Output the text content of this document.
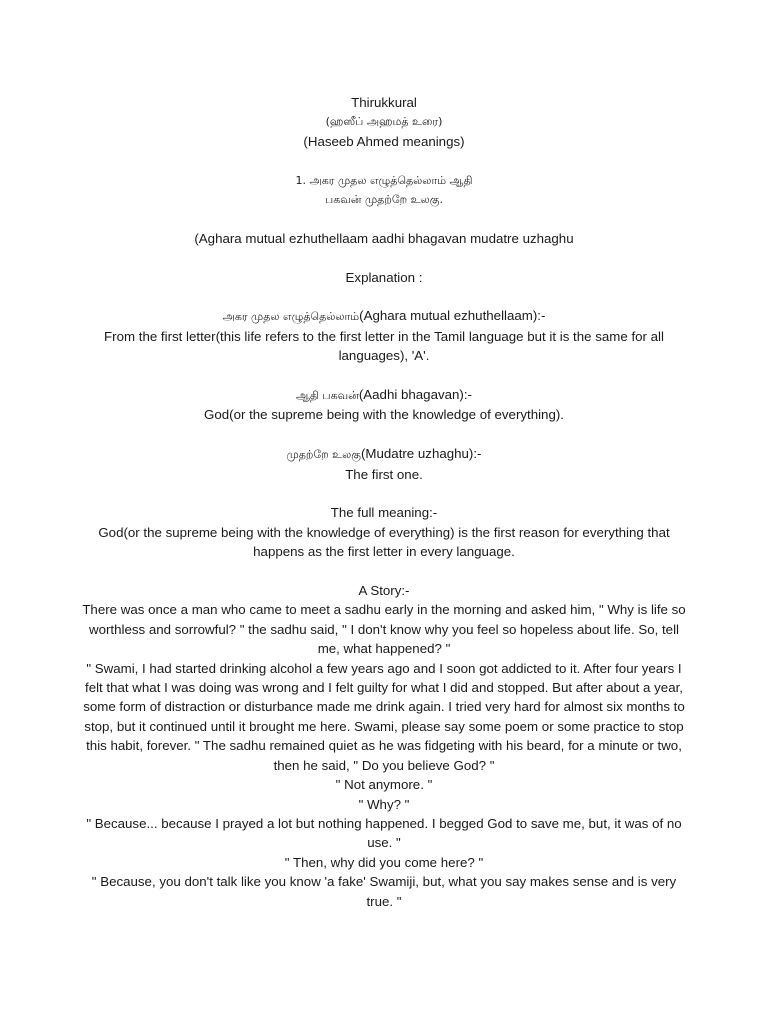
Thirukkural

(ஹஸீப் அஹமத் உரை)

(Haseeb Ahmed meanings)

1. அகர முதல எழுத்தெல்லாம் ஆதி

பகவன் முதற்றே உலகு.

(Aghara mutual ezhuthellaam aadhi bhagavan mudatre uzhaghu

Explanation :

அகர முதல எழுத்தெல்லாம்(Aghara mutual ezhuthellaam):-

From the first letter(this life refers to the first letter in the Tamil language but it is the same for all languages), 'A'.

ஆதி பகவன்(Aadhi bhagavan):-

God(or the supreme being with the knowledge of everything).

முதற்றே உலகு(Mudatre uzhaghu):-

The first one.

The full meaning:-

God(or the supreme being with the knowledge of everything) is the first reason for everything that happens as the first letter in every language.

A Story:-

There was once a man who came to meet a sadhu early in the morning and asked him, " Why is life so worthless and sorrowful? " the sadhu said, " I don't know why you feel so hopeless about life. So, tell me, what happened? "

" Swami, I had started drinking alcohol a few years ago and I soon got addicted to it. After four years I felt that what I was doing was wrong and I felt guilty for what I did and stopped. But after about a year, some form of distraction or disturbance made me drink again. I tried very hard for almost six months to stop, but it continued until it brought me here. Swami, please say some poem or some practice to stop this habit, forever. " The sadhu remained quiet as he was fidgeting with his beard, for a minute or two, then he said, " Do you believe God? "

" Not anymore. "

" Why? "

" Because... because I prayed a lot but nothing happened. I begged God to save me, but, it was of no use. "

" Then, why did you come here? "

" Because, you don't talk like you know 'a fake' Swamiji, but, what you say makes sense and is very true. "
